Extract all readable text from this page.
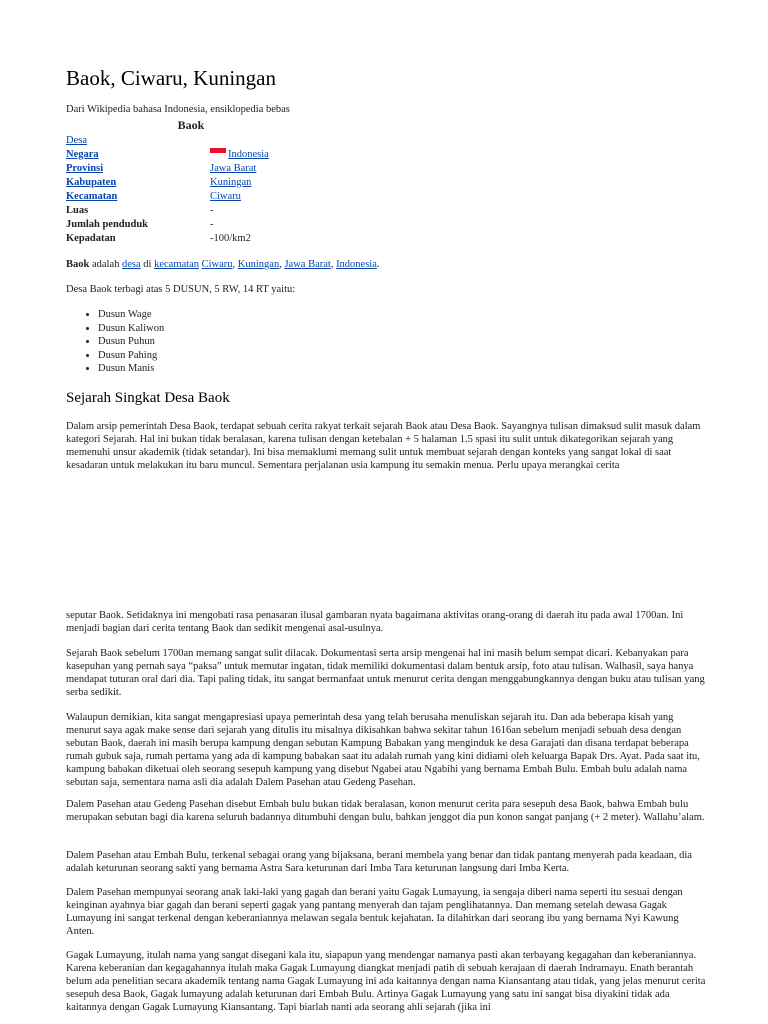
Baok, Ciwaru, Kuningan

Dari Wikipedia bahasa Indonesia, ensiklopedia bebas

Baok
Desa
Negara	Indonesia
Provinsi	Jawa Barat
Kabupaten	Kuningan
Kecamatan	Ciwaru
Luas	-
Jumlah penduduk	-
Kepadatan	-100/km2

Baok adalah desa di kecamatan Ciwaru, Kuningan, Jawa Barat, Indonesia.

Desa Baok terbagi atas 5 DUSUN, 5 RW, 14 RT yaitu:

• Dusun Wage
• Dusun Kaliwon
• Dusun Puhun
• Dusun Pahing
• Dusun Manis
Sejarah Singkat Desa Baok

Dalam arsip pemerintah Desa Baok, terdapat sebuah cerita rakyat terkait sejarah Baok atau Desa Baok. Sayangnya tulisan dimaksud sulit masuk dalam kategori Sejarah. Hal ini bukan tidak beralasan, karena tulisan dengan ketebalan + 5 halaman 1.5 spasi itu sulit untuk dikategorikan sejarah yang memenuhi unsur akademik (tidak setandar). Ini bisa memaklumi memang sulit untuk membuat sejarah dengan konteks yang sangat lokal di saat kesadaran untuk melakukan itu baru muncul. Sementara perjalanan usia kampung itu semakin menua. Perlu upaya merangkai cerita

seputar Baok. Setidaknya ini mengobati rasa penasaran ilusal gambaran nyata bagaimana aktivitas orang-orang di daerah itu pada awal 1700an. Ini menjadi bagian dari cerita tentang Baok dan sedikit mengenai asal-usulnya.

Sejarah Baok sebelum 1700an memang sangat sulit dilacak. Dokumentasi serta arsip mengenai hal ini masih belum sempat dicari. Kebanyakan para kasepuhan yang pernah saya “paksa” untuk memutar ingatan, tidak memiliki dokumentasi dalam bentuk arsip, foto atau tulisan. Walhasil, saya hanya mendapat tuturan oral dari dia. Tapi paling tidak, itu sangat bermanfaat untuk menurut cerita dengan menggabungkannya dengan buku atau tulisan yang serba sedikit.

Walaupun demikian, kita sangat mengapresiasi upaya pemerintah desa yang telah berusaha menuliskan sejarah itu. Dan ada beberapa kisah yang menurut saya agak make sense dari sejarah yang ditulis itu misalnya dikisahkan bahwa sekitar tahun 1616an sebelum menjadi sebuah desa dengan sebutan Baok, daerah ini masih berupa kampung dengan sebutan Kampung Babakan yang menginduk ke desa Garajati dan disana terdapat beberapa rumah gubuk saja, rumah pertama yang ada di kampung babakan saat itu adalah rumah yang kini didiami oleh keluarga Bapak Drs. Ayat. Pada saat itu, kampung babakan diketuai oleh seorang sesepuh kampung yang disebut Ngabei atau Ngabihi yang bernama Embah Bulu. Embah bulu adalah nama sebutan saja, sementara nama asli dia adalah Dalem Pasehan atau Gedeng Pasehan.

Dalem Pasehan atau Gedeng Pasehan disebut Embah bulu bukan tidak beralasan, konon menurut cerita para sesepuh desa Baok, bahwa Embah bulu merupakan sebutan bagi dia karena seluruh badannya ditumbuhi dengan bulu, bahkan jenggot dia pun konon sangat panjang (+ 2 meter). Wallahu’alam.

Dalem Pasehan atau Embah Bulu, terkenal sebagai orang yang bijaksana, berani membela yang benar dan tidak pantang menyerah pada keadaan, dia adalah keturunan seorang sakti yang bernama Astra Sara keturunan dari Imba Tara keturunan langsung dari Imba Kerta.

Dalem Pasehan mempunyai seorang anak laki-laki yang gagah dan berani yaitu Gagak Lumayung, ia sengaja diberi nama seperti itu sesuai dengan keinginan ayahnya biar gagah dan berani seperti gagak yang pantang menyerah dan tajam penglihatannya. Dan memang setelah dewasa Gagak Lumayung ini sangat terkenal dengan keberaniannya melawan segala bentuk kejahatan. Ia dilahirkan dari seorang ibu yang bernama Nyi Kawung Anten.

Gagak Lumayung, itulah nama yang sangat disegani kala itu, siapapun yang mendengar namanya pasti akan terbayang kegagahan dan keberaniannya. Karena keberanian dan kegagahannya itulah maka Gagak Lumayung diangkat menjadi patih di sebuah kerajaan di daerah Indramayu. Enath berantah belum ada penelitian secara akademik tentang nama Gagak Lumayung ini ada kaitannya dengan nama Kiansantang atau tidak, yang jelas menurut cerita sesepuh desa Baok, Gagak lumayung adalah keturunan dari Embah Bulu. Artinya Gagak Lumayung yang satu ini sangat bisa diyakini tidak ada kaitannya dengan Gagak Lumayung Kiansantang. Tapi biarlah nanti ada seorang ahli sejarah (jika ini
